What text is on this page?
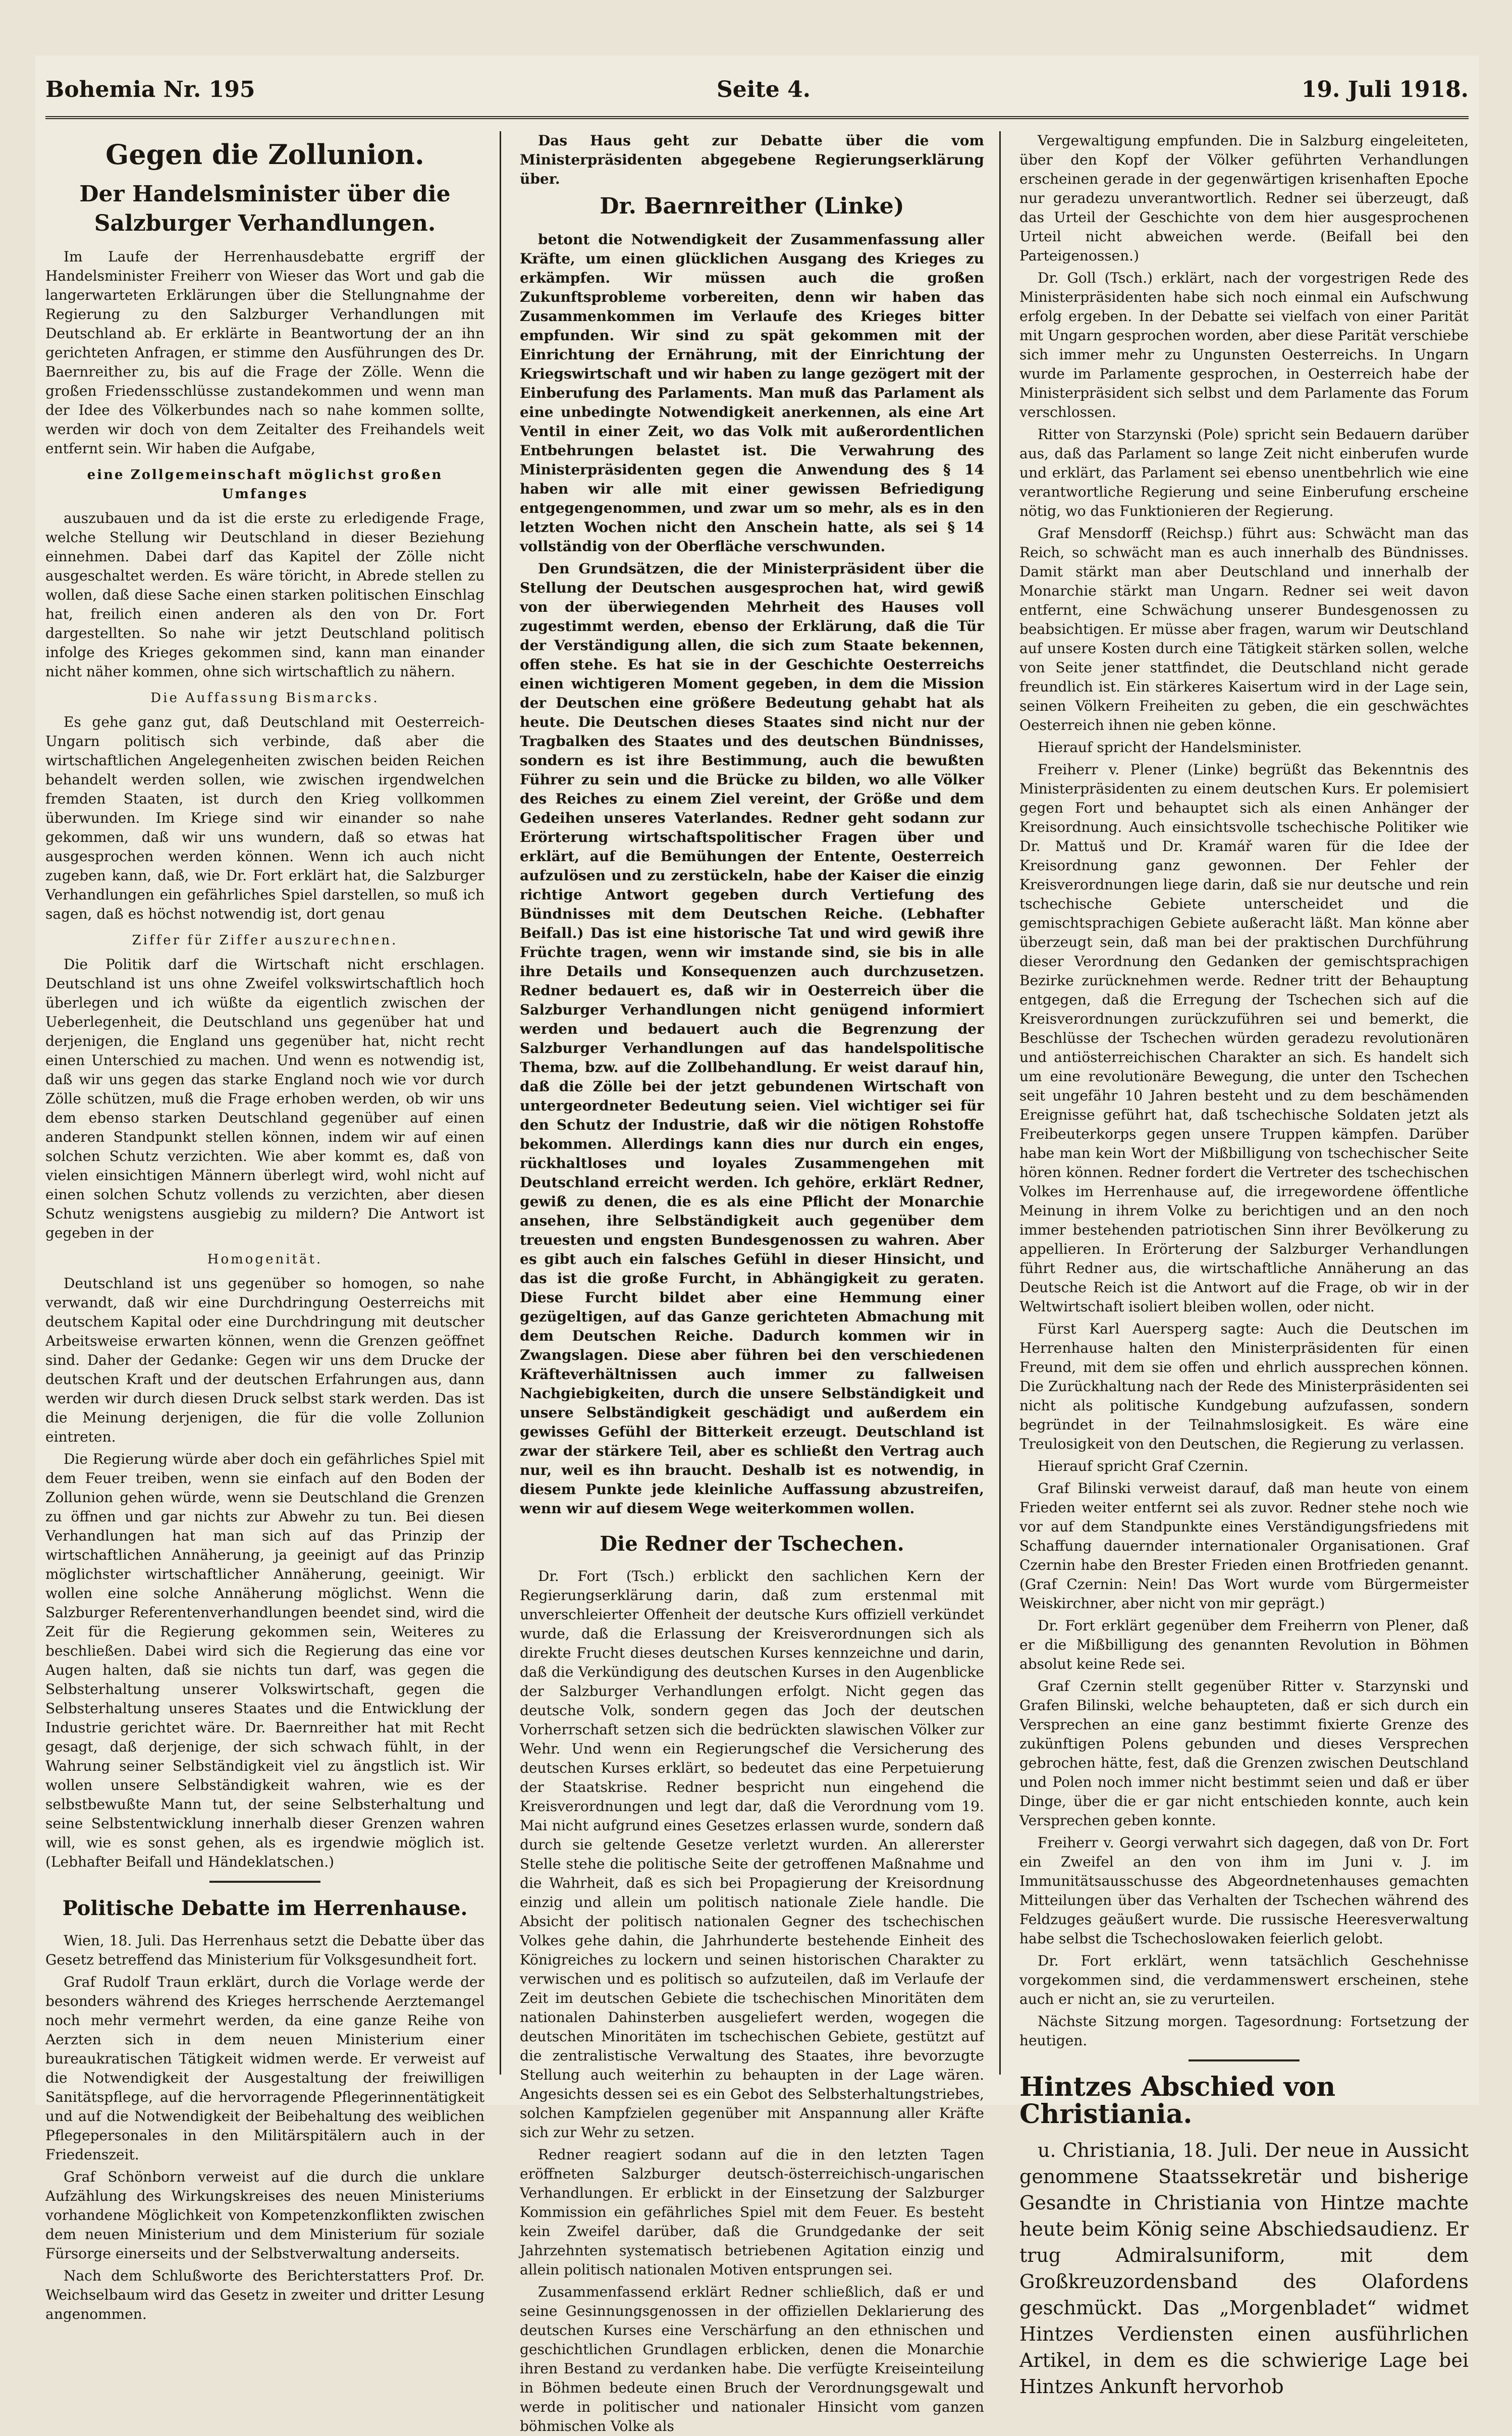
Bohemia Nr. 195	Seite 4.	19. Juli 1918.
Gegen die Zollunion.
Der Handelsminister über die Salzburger Verhandlungen.

Im Laufe der Herrenhausdebatte ergriff der Handelsminister Freiherr von Wieser das Wort und gab die langerwarteten Erklärungen über die Stellungnahme der Regierung zu den Salzburger Verhandlungen mit Deutschland ab. Er erklärte in Beantwortung der an ihn gerichteten Anfragen, er stimme den Ausführungen des Dr. Baernreither zu, bis auf die Frage der Zölle. Wenn die großen Friedensschlüsse zustandekommen und wenn man der Idee des Völkerbundes nach so nahe kommen sollte, werden wir doch von dem Zeitalter des Freihandels weit entfernt sein. Wir haben die Aufgabe,

eine Zollgemeinschaft möglichst großen Umfanges

auszubauen und da ist die erste zu erledigende Frage, welche Stellung wir Deutschland in dieser Beziehung einnehmen. Dabei darf das Kapitel der Zölle nicht ausgeschaltet werden. Es wäre töricht, in Abrede stellen zu wollen, daß diese Sache einen starken politischen Einschlag hat, freilich einen anderen als den von Dr. Fort dargestellten. So nahe wir jetzt Deutschland politisch infolge des Krieges gekommen sind, kann man einander nicht näher kommen, ohne sich wirtschaftlich zu nähern.

Die Auffassung Bismarcks.

Es gehe ganz gut, daß Deutschland mit Oesterreich-Ungarn politisch sich verbinde, daß aber die wirtschaftlichen Angelegenheiten zwischen beiden Reichen behandelt werden sollen, wie zwischen irgendwelchen fremden Staaten, ist durch den Krieg vollkommen überwunden. Im Kriege sind wir einander so nahe gekommen, daß wir uns wundern, daß so etwas hat ausgesprochen werden können. Wenn ich auch nicht zugeben kann, daß, wie Dr. Fort erklärt hat, die Salzburger Verhandlungen ein gefährliches Spiel darstellen, so muß ich sagen, daß es höchst notwendig ist, dort genau

Ziffer für Ziffer auszurechnen.

Die Politik darf die Wirtschaft nicht erschlagen. Deutschland ist uns ohne Zweifel volkswirtschaftlich hoch überlegen und ich wüßte da eigentlich zwischen der Ueberlegenheit, die Deutschland uns gegenüber hat und derjenigen, die England uns gegenüber hat, nicht recht einen Unterschied zu machen. Und wenn es notwendig ist, daß wir uns gegen das starke England noch wie vor durch Zölle schützen, muß die Frage erhoben werden, ob wir uns dem ebenso starken Deutschland gegenüber auf einen anderen Standpunkt stellen können, indem wir auf einen solchen Schutz verzichten. Wie aber kommt es, daß von vielen einsichtigen Männern überlegt wird, wohl nicht auf einen solchen Schutz vollends zu verzichten, aber diesen Schutz wenigstens ausgiebig zu mildern? Die Antwort ist gegeben in der

Homogenität.

Deutschland ist uns gegenüber so homogen, so nahe verwandt, daß wir eine Durchdringung Oesterreichs mit deutschem Kapital oder eine Durchdringung mit deutscher Arbeitsweise erwarten können, wenn die Grenzen geöffnet sind. Daher der Gedanke: Gegen wir uns dem Drucke der deutschen Kraft und der deutschen Erfahrungen aus, dann werden wir durch diesen Druck selbst stark werden. Das ist die Meinung derjenigen, die für die volle Zollunion eintreten.

Die Regierung würde aber doch ein gefährliches Spiel mit dem Feuer treiben, wenn sie einfach auf den Boden der Zollunion gehen würde, wenn sie Deutschland die Grenzen zu öffnen und gar nichts zur Abwehr zu tun. Bei diesen Verhandlungen hat man sich auf das Prinzip der wirtschaftlichen Annäherung, ja geeinigt auf das Prinzip möglichster wirtschaftlicher Annäherung, geeinigt. Wir wollen eine solche Annäherung möglichst. Wenn die Salzburger Referentenverhandlungen beendet sind, wird die Zeit für die Regierung gekommen sein, Weiteres zu beschließen. Dabei wird sich die Regierung das eine vor Augen halten, daß sie nichts tun darf, was gegen die Selbsterhaltung unserer Volkswirtschaft, gegen die Selbsterhaltung unseres Staates und die Entwicklung der Industrie gerichtet wäre. Dr. Baernreither hat mit Recht gesagt, daß derjenige, der sich schwach fühlt, in der Wahrung seiner Selbständigkeit viel zu ängstlich ist. Wir wollen unsere Selbständigkeit wahren, wie es der selbstbewußte Mann tut, der seine Selbsterhaltung und seine Selbstentwicklung innerhalb dieser Grenzen wahren will, wie es sonst gehen, als es irgendwie möglich ist. (Lebhafter Beifall und Händeklatschen.)

Politische Debatte im Herrenhause.

Wien, 18. Juli. Das Herrenhaus setzt die Debatte über das Gesetz betreffend das Ministerium für Volksgesundheit fort.

Graf Rudolf Traun erklärt, durch die Vorlage werde der besonders während des Krieges herrschende Aerztemangel noch mehr vermehrt werden, da eine ganze Reihe von Aerzten sich in dem neuen Ministerium einer bureaukratischen Tätigkeit widmen werde. Er verweist auf die Notwendigkeit der Ausgestaltung der freiwilligen Sanitätspflege, auf die hervorragende Pflegerinnentätigkeit und auf die Notwendigkeit der Beibehaltung des weiblichen Pflegepersonales in den Militärspitälern auch in der Friedenszeit.

Graf Schönborn verweist auf die durch die unklare Aufzählung des Wirkungskreises des neuen Ministeriums vorhandene Möglichkeit von Kompetenzkonflikten zwischen dem neuen Ministerium und dem Ministerium für soziale Fürsorge einerseits und der Selbstverwaltung anderseits.

Nach dem Schlußworte des Berichterstatters Prof. Dr. Weichselbaum wird das Gesetz in zweiter und dritter Lesung angenommen.

Das Haus geht zur Debatte über die vom Ministerpräsidenten abgegebene Regierungserklärung über.

Dr. Baernreither (Linke)

betont die Notwendigkeit der Zusammenfassung aller Kräfte, um einen glücklichen Ausgang des Krieges zu erkämpfen. Wir müssen auch die großen Zukunftsprobleme vorbereiten, denn wir haben das Zusammenkommen im Verlaufe des Krieges bitter empfunden. Wir sind zu spät gekommen mit der Einrichtung der Ernährung, mit der Einrichtung der Kriegswirtschaft und wir haben zu lange gezögert mit der Einberufung des Parlaments. Man muß das Parlament als eine unbedingte Notwendigkeit anerkennen, als eine Art Ventil in einer Zeit, wo das Volk mit außerordentlichen Entbehrungen belastet ist. Die Verwahrung des Ministerpräsidenten gegen die Anwendung des § 14 haben wir alle mit einer gewissen Befriedigung entgegengenommen, und zwar um so mehr, als es in den letzten Wochen nicht den Anschein hatte, als sei § 14 vollständig von der Oberfläche verschwunden.

Den Grundsätzen, die der Ministerpräsident über die Stellung der Deutschen ausgesprochen hat, wird gewiß von der überwiegenden Mehrheit des Hauses voll zugestimmt werden, ebenso der Erklärung, daß die Tür der Verständigung allen, die sich zum Staate bekennen, offen stehe. Es hat sie in der Geschichte Oesterreichs einen wichtigeren Moment gegeben, in dem die Mission der Deutschen eine größere Bedeutung gehabt hat als heute. Die Deutschen dieses Staates sind nicht nur der Tragbalken des Staates und des deutschen Bündnisses, sondern es ist ihre Bestimmung, auch die bewußten Führer zu sein und die Brücke zu bilden, wo alle Völker des Reiches zu einem Ziel vereint, der Größe und dem Gedeihen unseres Vaterlandes. Redner geht sodann zur Erörterung wirtschaftspolitischer Fragen über und erklärt, auf die Bemühungen der Entente, Oesterreich aufzulösen und zu zerstückeln, habe der Kaiser die einzig richtige Antwort gegeben durch Vertiefung des Bündnisses mit dem Deutschen Reiche. (Lebhafter Beifall.) Das ist eine historische Tat und wird gewiß ihre Früchte tragen, wenn wir imstande sind, sie bis in alle ihre Details und Konsequenzen auch durchzusetzen. Redner bedauert es, daß wir in Oesterreich über die Salzburger Verhandlungen nicht genügend informiert werden und bedauert auch die Begrenzung der Salzburger Verhandlungen auf das handelspolitische Thema, bzw. auf die Zollbehandlung. Er weist darauf hin, daß die Zölle bei der jetzt gebundenen Wirtschaft von untergeordneter Bedeutung seien. Viel wichtiger sei für den Schutz der Industrie, daß wir die nötigen Rohstoffe bekommen. Allerdings kann dies nur durch ein enges, rückhaltloses und loyales Zusammengehen mit Deutschland erreicht werden. Ich gehöre, erklärt Redner, gewiß zu denen, die es als eine Pflicht der Monarchie ansehen, ihre Selbständigkeit auch gegenüber dem treuesten und engsten Bundesgenossen zu wahren. Aber es gibt auch ein falsches Gefühl in dieser Hinsicht, und das ist die große Furcht, in Abhängigkeit zu geraten. Diese Furcht bildet aber eine Hemmung einer gezügeltigen, auf das Ganze gerichteten Abmachung mit dem Deutschen Reiche. Dadurch kommen wir in Zwangslagen. Diese aber führen bei den verschiedenen Kräfteverhältnissen auch immer zu fallweisen Nachgiebigkeiten, durch die unsere Selbständigkeit und unsere Selbständigkeit geschädigt und außerdem ein gewisses Gefühl der Bitterkeit erzeugt. Deutschland ist zwar der stärkere Teil, aber es schließt den Vertrag auch nur, weil es ihn braucht. Deshalb ist es notwendig, in diesem Punkte jede kleinliche Auffassung abzustreifen, wenn wir auf diesem Wege weiterkommen wollen.

Die Redner der Tschechen.

Dr. Fort (Tsch.) erblickt den sachlichen Kern der Regierungserklärung darin, daß zum erstenmal mit unverschleierter Offenheit der deutsche Kurs offiziell verkündet wurde, daß die Erlassung der Kreisverordnungen sich als direkte Frucht dieses deutschen Kurses kennzeichne und darin, daß die Verkündigung des deutschen Kurses in den Augenblicke der Salzburger Verhandlungen erfolgt. Nicht gegen das deutsche Volk, sondern gegen das Joch der deutschen Vorherrschaft setzen sich die bedrückten slawischen Völker zur Wehr. Und wenn ein Regierungschef die Versicherung des deutschen Kurses erklärt, so bedeutet das eine Perpetuierung der Staatskrise. Redner bespricht nun eingehend die Kreisverordnungen und legt dar, daß die Verordnung vom 19. Mai nicht aufgrund eines Gesetzes erlassen wurde, sondern daß durch sie geltende Gesetze verletzt wurden. An allererster Stelle stehe die politische Seite der getroffenen Maßnahme und die Wahrheit, daß es sich bei Propagierung der Kreisordnung einzig und allein um politisch nationale Ziele handle. Die Absicht der politisch nationalen Gegner des tschechischen Volkes gehe dahin, die Jahrhunderte bestehende Einheit des Königreiches zu lockern und seinen historischen Charakter zu verwischen und es politisch so aufzuteilen, daß im Verlaufe der Zeit im deutschen Gebiete die tschechischen Minoritäten dem nationalen Dahinsterben ausgeliefert werden, wogegen die deutschen Minoritäten im tschechischen Gebiete, gestützt auf die zentralistische Verwaltung des Staates, ihre bevorzugte Stellung auch weiterhin zu behaupten in der Lage wären. Angesichts dessen sei es ein Gebot des Selbsterhaltungstriebes, solchen Kampfzielen gegenüber mit Anspannung aller Kräfte sich zur Wehr zu setzen.

Redner reagiert sodann auf die in den letzten Tagen eröffneten Salzburger deutsch-österreichisch-ungarischen Verhandlungen. Er erblickt in der Einsetzung der Salzburger Kommission ein gefährliches Spiel mit dem Feuer. Es besteht kein Zweifel darüber, daß die Grundgedanke der seit Jahrzehnten systematisch betriebenen Agitation einzig und allein politisch nationalen Motiven entsprungen sei.

Zusammenfassend erklärt Redner schließlich, daß er und seine Gesinnungsgenossen in der offiziellen Deklarierung des deutschen Kurses eine Verschärfung an den ethnischen und geschichtlichen Grundlagen erblicken, denen die Monarchie ihren Bestand zu verdanken habe. Die verfügte Kreiseinteilung in Böhmen bedeute einen Bruch der Verordnungsgewalt und werde in politischer und nationaler Hinsicht vom ganzen böhmischen Volke als

Vergewaltigung empfunden. Die in Salzburg eingeleiteten, über den Kopf der Völker geführten Verhandlungen erscheinen gerade in der gegenwärtigen krisenhaften Epoche nur geradezu unverantwortlich. Redner sei überzeugt, daß das Urteil der Geschichte von dem hier ausgesprochenen Urteil nicht abweichen werde. (Beifall bei den Parteigenossen.)

Dr. Goll (Tsch.) erklärt, nach der vorgestrigen Rede des Ministerpräsidenten habe sich noch einmal ein Aufschwung erfolg ergeben. In der Debatte sei vielfach von einer Parität mit Ungarn gesprochen worden, aber diese Parität verschiebe sich immer mehr zu Ungunsten Oesterreichs. In Ungarn wurde im Parlamente gesprochen, in Oesterreich habe der Ministerpräsident sich selbst und dem Parlamente das Forum verschlossen.

Ritter von Starzynski (Pole) spricht sein Bedauern darüber aus, daß das Parlament so lange Zeit nicht einberufen wurde und erklärt, das Parlament sei ebenso unentbehrlich wie eine verantwortliche Regierung und seine Einberufung erscheine nötig, wo das Funktionieren der Regierung.

Graf Mensdorff (Reichsp.) führt aus: Schwächt man das Reich, so schwächt man es auch innerhalb des Bündnisses. Damit stärkt man aber Deutschland und innerhalb der Monarchie stärkt man Ungarn. Redner sei weit davon entfernt, eine Schwächung unserer Bundesgenossen zu beabsichtigen. Er müsse aber fragen, warum wir Deutschland auf unsere Kosten durch eine Tätigkeit stärken sollen, welche von Seite jener stattfindet, die Deutschland nicht gerade freundlich ist. Ein stärkeres Kaisertum wird in der Lage sein, seinen Völkern Freiheiten zu geben, die ein geschwächtes Oesterreich ihnen nie geben könne.

Hierauf spricht der Handelsminister.

Freiherr v. Plener (Linke) begrüßt das Bekenntnis des Ministerpräsidenten zu einem deutschen Kurs. Er polemisiert gegen Fort und behauptet sich als einen Anhänger der Kreisordnung. Auch einsichtsvolle tschechische Politiker wie Dr. Mattuš und Dr. Kramář waren für die Idee der Kreisordnung ganz gewonnen. Der Fehler der Kreisverordnungen liege darin, daß sie nur deutsche und rein tschechische Gebiete unterscheidet und die gemischtsprachigen Gebiete außeracht läßt. Man könne aber überzeugt sein, daß man bei der praktischen Durchführung dieser Verordnung den Gedanken der gemischtsprachigen Bezirke zurücknehmen werde. Redner tritt der Behauptung entgegen, daß die Erregung der Tschechen sich auf die Kreisverordnungen zurückzuführen sei und bemerkt, die Beschlüsse der Tschechen würden geradezu revolutionären und antiösterreichischen Charakter an sich. Es handelt sich um eine revolutionäre Bewegung, die unter den Tschechen seit ungefähr 10 Jahren besteht und zu dem beschämenden Ereignisse geführt hat, daß tschechische Soldaten jetzt als Freibeuterkorps gegen unsere Truppen kämpfen. Darüber habe man kein Wort der Mißbilligung von tschechischer Seite hören können. Redner fordert die Vertreter des tschechischen Volkes im Herrenhause auf, die irregewordene öffentliche Meinung in ihrem Volke zu berichtigen und an den noch immer bestehenden patriotischen Sinn ihrer Bevölkerung zu appellieren. In Erörterung der Salzburger Verhandlungen führt Redner aus, die wirtschaftliche Annäherung an das Deutsche Reich ist die Antwort auf die Frage, ob wir in der Weltwirtschaft isoliert bleiben wollen, oder nicht.

Fürst Karl Auersperg sagte: Auch die Deutschen im Herrenhause halten den Ministerpräsidenten für einen Freund, mit dem sie offen und ehrlich aussprechen können. Die Zurückhaltung nach der Rede des Ministerpräsidenten sei nicht als politische Kundgebung aufzufassen, sondern begründet in der Teilnahmslosigkeit. Es wäre eine Treulosigkeit von den Deutschen, die Regierung zu verlassen.

Hierauf spricht Graf Czernin.

Graf Bilinski verweist darauf, daß man heute von einem Frieden weiter entfernt sei als zuvor. Redner stehe noch wie vor auf dem Standpunkte eines Verständigungsfriedens mit Schaffung dauernder internationaler Organisationen. Graf Czernin habe den Brester Frieden einen Brotfrieden genannt. (Graf Czernin: Nein! Das Wort wurde vom Bürgermeister Weiskirchner, aber nicht von mir geprägt.)

Dr. Fort erklärt gegenüber dem Freiherrn von Plener, daß er die Mißbilligung des genannten Revolution in Böhmen absolut keine Rede sei.

Graf Czernin stellt gegenüber Ritter v. Starzynski und Grafen Bilinski, welche behaupteten, daß er sich durch ein Versprechen an eine ganz bestimmt fixierte Grenze des zukünftigen Polens gebunden und dieses Versprechen gebrochen hätte, fest, daß die Grenzen zwischen Deutschland und Polen noch immer nicht bestimmt seien und daß er über Dinge, über die er gar nicht entschieden konnte, auch kein Versprechen geben konnte.

Freiherr v. Georgi verwahrt sich dagegen, daß von Dr. Fort ein Zweifel an den von ihm im Juni v. J. im Immunitätsausschusse des Abgeordnetenhauses gemachten Mitteilungen über das Verhalten der Tschechen während des Feldzuges geäußert wurde. Die russische Heeresverwaltung habe selbst die Tschechoslowaken feierlich gelobt.

Dr. Fort erklärt, wenn tatsächlich Geschehnisse vorgekommen sind, die verdammenswert erscheinen, stehe auch er nicht an, sie zu verurteilen.

Nächste Sitzung morgen. Tagesordnung: Fortsetzung der heutigen.

Hintzes Abschied von Christiania.

u. Christiania, 18. Juli. Der neue in Aussicht genommene Staatssekretär und bisherige Gesandte in Christiania von Hintze machte heute beim König seine Abschiedsaudienz. Er trug Admiralsuniform, mit dem Großkreuzordensband des Olafordens geschmückt. Das „Morgenbladet“ widmet Hintzes Verdiensten einen ausführlichen Artikel, in dem es die schwierige Lage bei Hintzes Ankunft hervorhob
